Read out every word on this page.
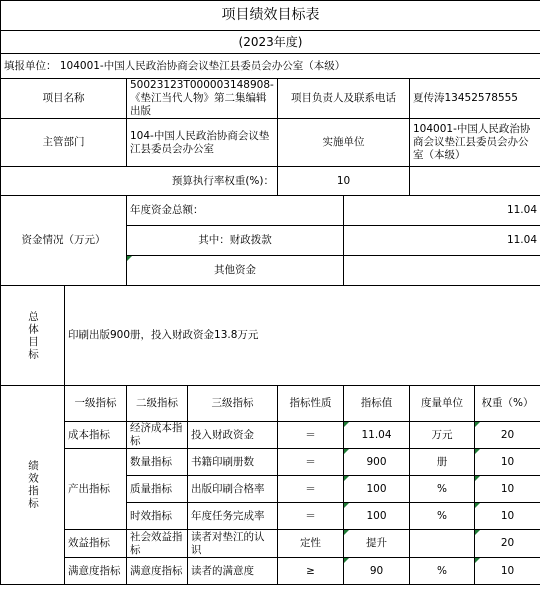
项目绩效目标表							
(2023年度)							
填报单位： 104001-中国人民政治协商会议垫江县委员会办公室（本级）							
项目名称		50023123T000003148908-《垫江当代人物》第二集编辑出版		项目负责人及联系电话		夏传涛13452578555	
主管部门		104-中国人民政治协商会议垫江县委员会办公室		实施单位		104001-中国人民政治协商会议垫江县委员会办公室（本级）	
预算执行率权重(%)：				10			
资金情况（万元）		年度资金总额：			11.04		
		其中：财政拨款			11.04		

其他资金					

总体目标	印刷出版900册，投入财政资金13.8万元						

绩效指标	一级指标	二级指标	三级指标	指标性质	指标值	度量单位	权重（%）
	成本指标	经济成本指标	投入财政资金	＝	11.04	万元	20
	产出指标	数量指标	书籍印刷册数	＝	900	册	10
		质量指标	出版印刷合格率	＝	100	%	10
		时效指标	年度任务完成率	＝	100	%	10
	效益指标	社会效益指标	读者对垫江的认识	定性	提升		20
	满意度指标	满意度指标	读者的满意度	≥	90	%	10
